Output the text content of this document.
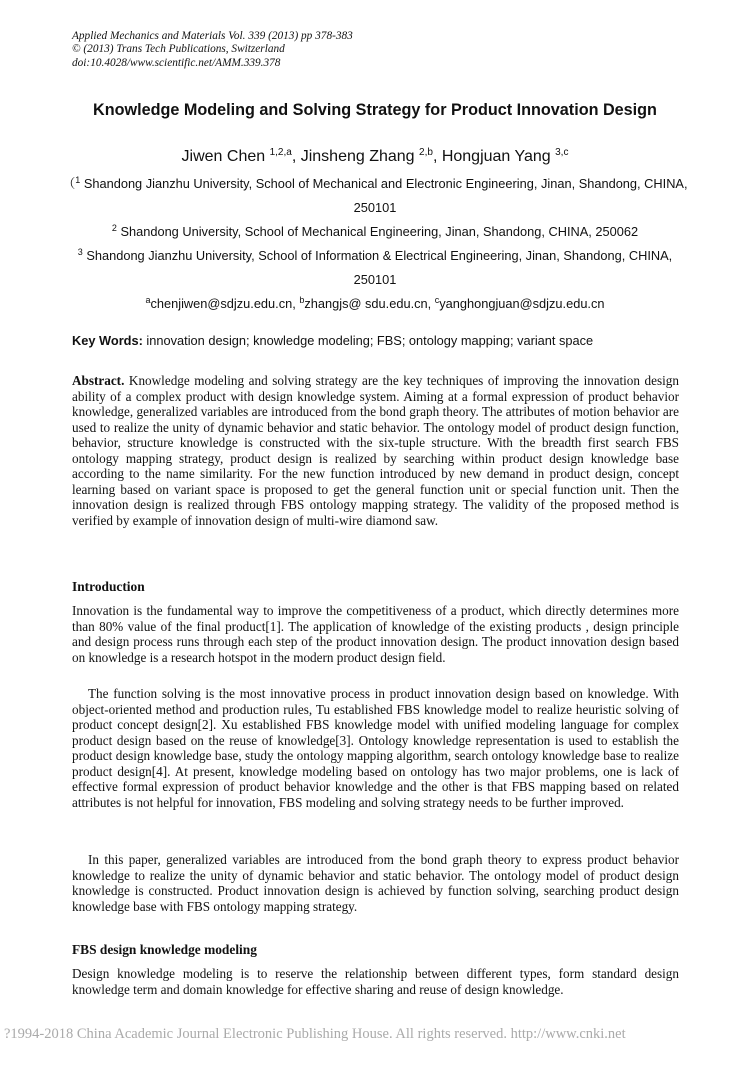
Applied Mechanics and Materials Vol. 339 (2013) pp 378-383
© (2013) Trans Tech Publications, Switzerland
doi:10.4028/www.scientific.net/AMM.339.378
Knowledge Modeling and Solving Strategy for Product Innovation Design
Jiwen Chen $^{1,2,a}$, Jinsheng Zhang $^{2,b}$, Hongjuan Yang $^{3,c}$
（$^1$ Shandong Jianzhu University, School of Mechanical and Electronic Engineering, Jinan, Shandong, CHINA, 250101
$^2$ Shandong University, School of Mechanical Engineering, Jinan, Shandong, CHINA, 250062
$^3$ Shandong Jianzhu University, School of Information & Electrical Engineering, Jinan, Shandong, CHINA, 250101
$^a$chenjiwen@sdjzu.edu.cn, $^b$zhangjs@ sdu.edu.cn, $^c$yanghongjuan@sdjzu.edu.cn
Key Words: innovation design; knowledge modeling; FBS; ontology mapping; variant space
Abstract. Knowledge modeling and solving strategy are the key techniques of improving the innovation design ability of a complex product with design knowledge system. Aiming at a formal expression of product behavior knowledge, generalized variables are introduced from the bond graph theory. The attributes of motion behavior are used to realize the unity of dynamic behavior and static behavior. The ontology model of product design function, behavior, structure knowledge is constructed with the six-tuple structure. With the breadth first search FBS ontology mapping strategy, product design is realized by searching within product design knowledge base according to the name similarity. For the new function introduced by new demand in product design, concept learning based on variant space is proposed to get the general function unit or special function unit. Then the innovation design is realized through FBS ontology mapping strategy. The validity of the proposed method is verified by example of innovation design of multi-wire diamond saw.
Introduction
Innovation is the fundamental way to improve the competitiveness of a product, which directly determines more than 80% value of the final product[1]. The application of knowledge of the existing products , design principle and design process runs through each step of the product innovation design. The product innovation design based on knowledge is a research hotspot in the modern product design field.
The function solving is the most innovative process in product innovation design based on knowledge. With object-oriented method and production rules, Tu established FBS knowledge model to realize heuristic solving of product concept design[2]. Xu established FBS knowledge model with unified modeling language for complex product design based on the reuse of knowledge[3]. Ontology knowledge representation is used to establish the product design knowledge base, study the ontology mapping algorithm, search ontology knowledge base to realize product design[4]. At present, knowledge modeling based on ontology has two major problems, one is lack of effective formal expression of product behavior knowledge and the other is that FBS mapping based on related attributes is not helpful for innovation, FBS modeling and solving strategy needs to be further improved.
In this paper, generalized variables are introduced from the bond graph theory to express product behavior knowledge to realize the unity of dynamic behavior and static behavior. The ontology model of product design knowledge is constructed. Product innovation design is achieved by function solving, searching product design knowledge base with FBS ontology mapping strategy.
FBS design knowledge modeling
Design knowledge modeling is to reserve the relationship between different types, form standard design knowledge term and domain knowledge for effective sharing and reuse of design knowledge.
?1994-2018 China Academic Journal Electronic Publishing House. All rights reserved. http://www.cnki.net
